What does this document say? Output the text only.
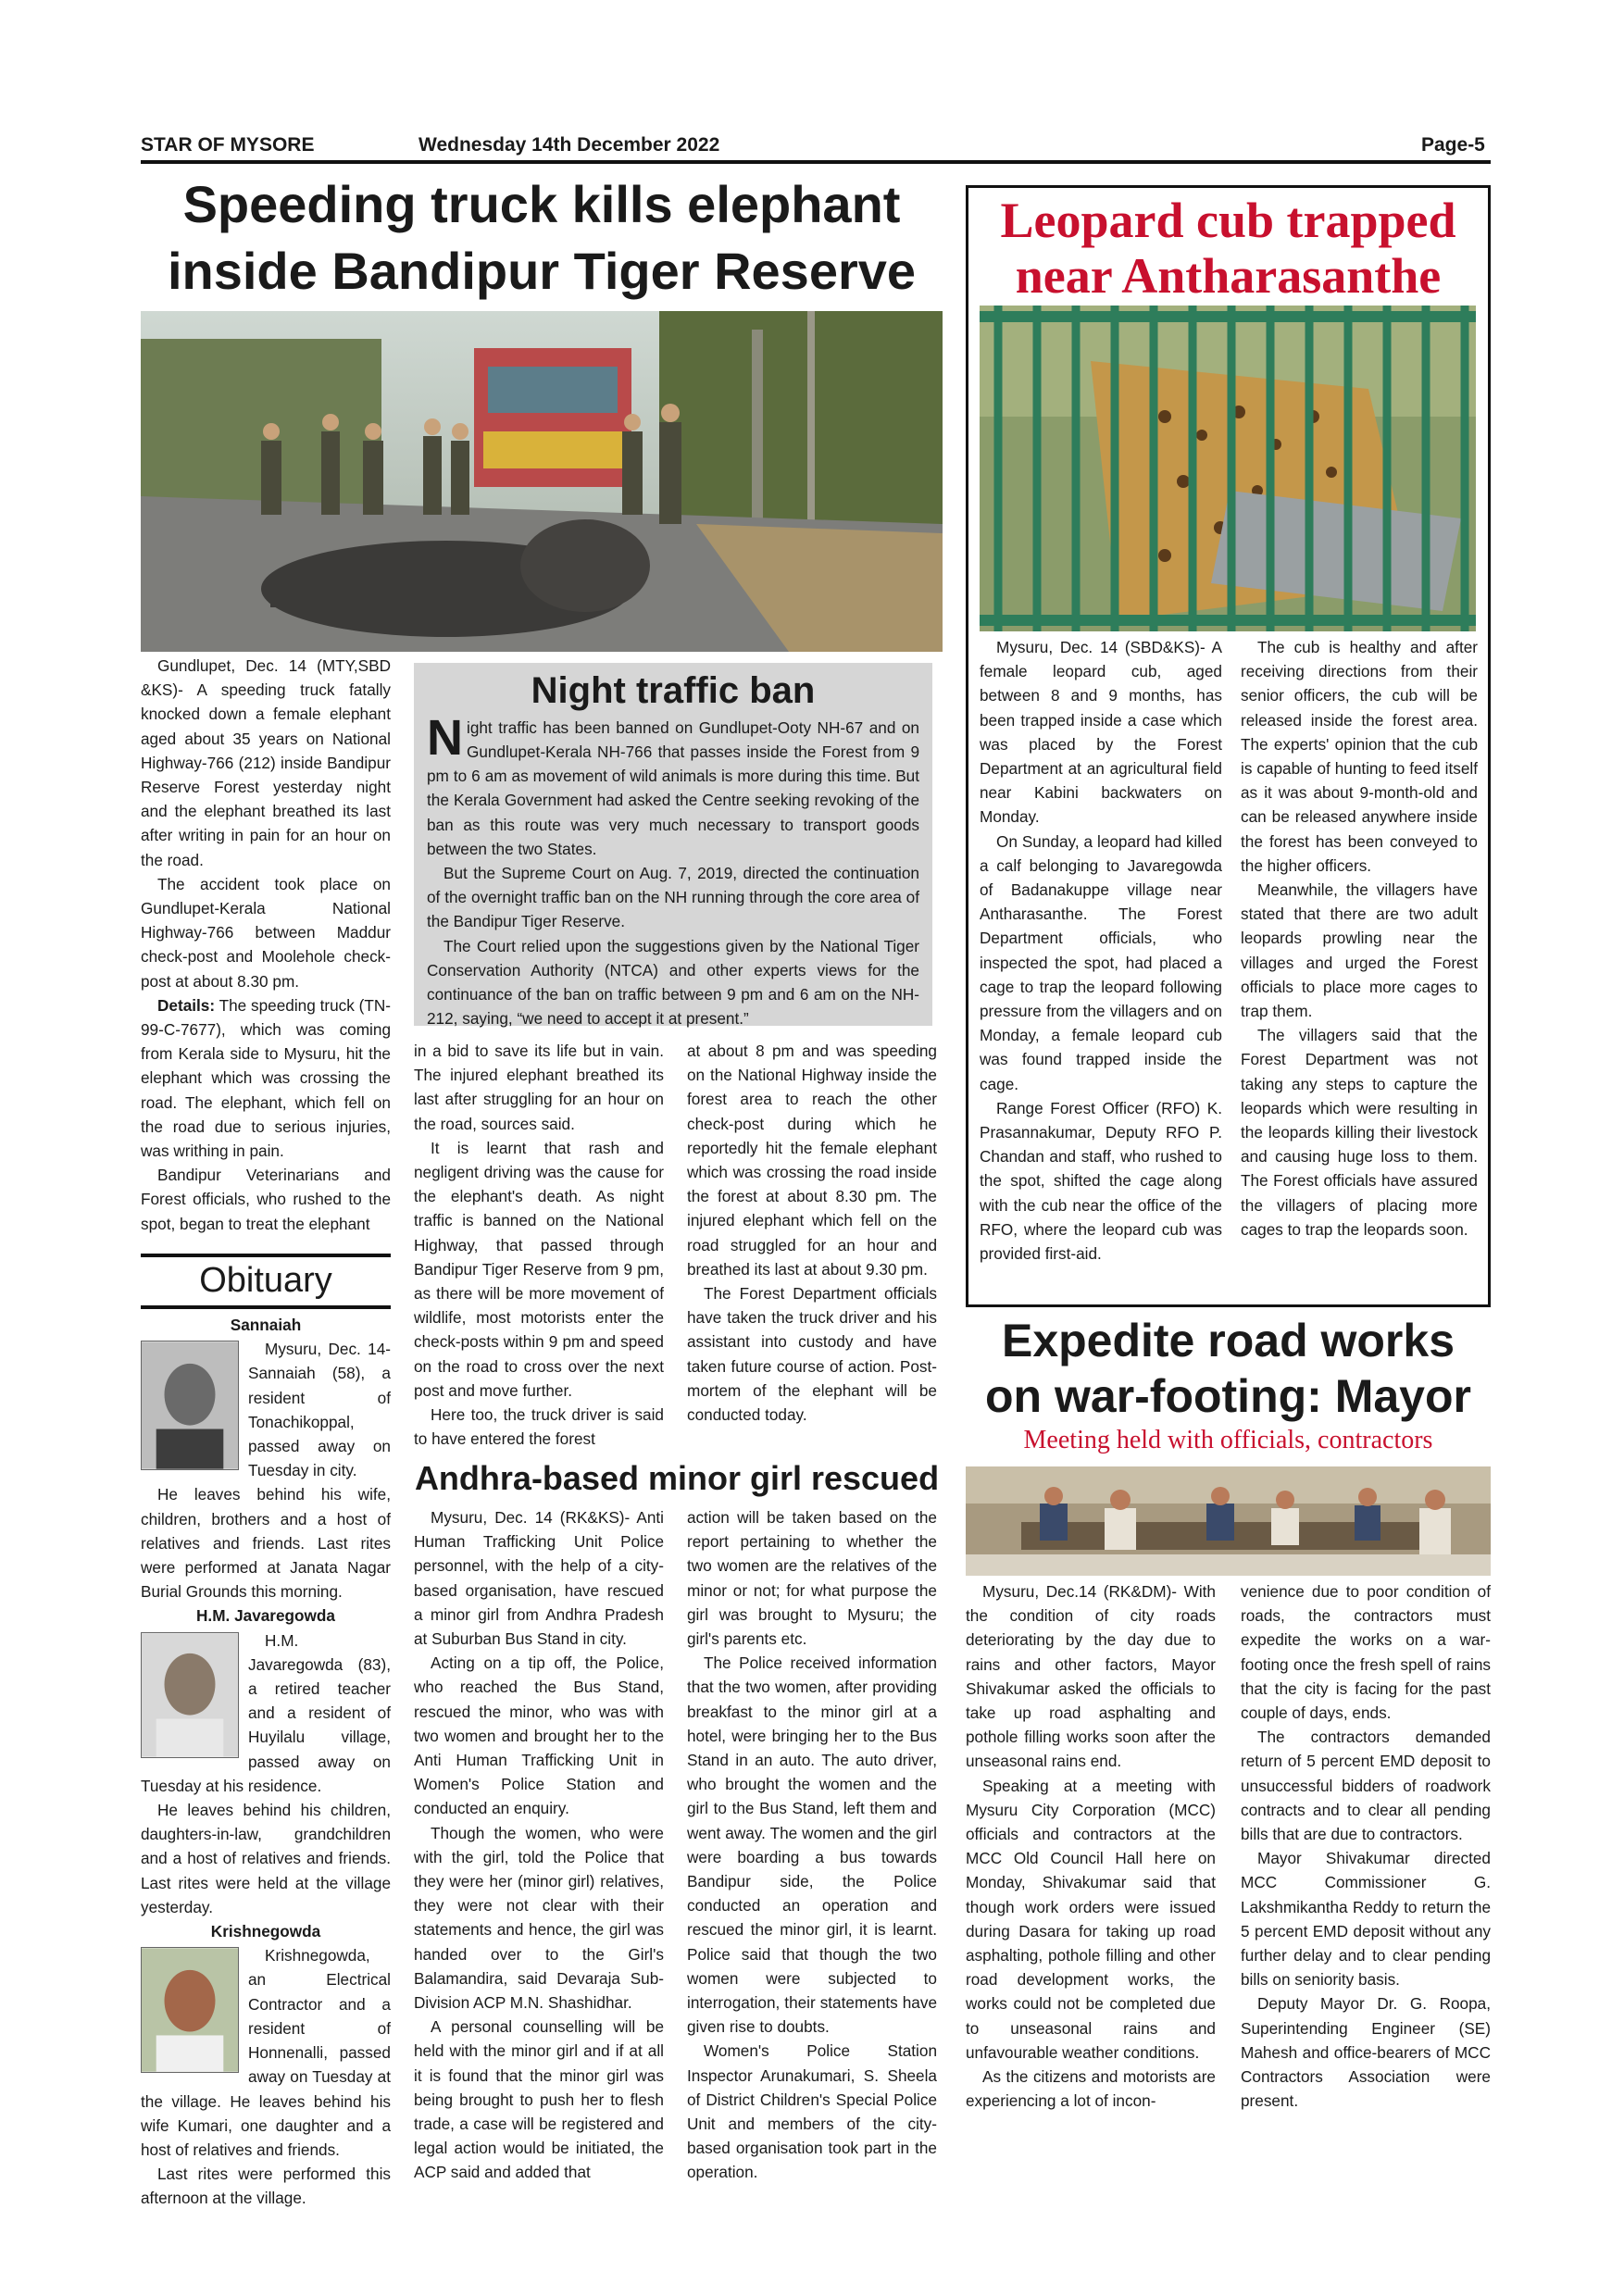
STAR OF MYSORE	Wednesday 14th December 2022	Page-5
Speeding truck kills elephant
inside Bandipur Tiger Reserve

Gundlupet, Dec. 14 (MTY,SBD &KS)- A speeding truck fatally knocked down a female elephant aged about 35 years on National Highway-766 (212) inside Bandipur Reserve Forest yesterday night and the elephant breathed its last after writing in pain for an hour on the road.

The accident took place on Gundlupet-Kerala National Highway-766 between Maddur check-post and Moolehole check-post at about 8.30 pm.

Details: The speeding truck (TN-99-C-7677), which was coming from Kerala side to Mysuru, hit the elephant which was crossing the road. The elephant, which fell on the road due to serious injuries, was writhing in pain.

Bandipur Veterinarians and Forest officials, who rushed to the spot, began to treat the elephant

Night traffic ban

Night traffic has been banned on Gundlupet-Ooty NH-67 and on Gundlupet-Kerala NH-766 that passes inside the Forest from 9 pm to 6 am as movement of wild animals is more during this time. But the Kerala Government had asked the Centre seeking revoking of the ban as this route was very much necessary to transport goods between the two States.

But the Supreme Court on Aug. 7, 2019, directed the continuation of the overnight traffic ban on the NH running through the core area of the Bandipur Tiger Reserve.

The Court relied upon the suggestions given by the National Tiger Conservation Authority (NTCA) and other experts views for the continuance of the ban on traffic between 9 pm and 6 am on the NH-212, saying, “we need to accept it at present.”

in a bid to save its life but in vain. The injured elephant breathed its last after struggling for an hour on the road, sources said.

It is learnt that rash and negligent driving was the cause for the elephant's death. As night traffic is banned on the National Highway, that passed through Bandipur Tiger Reserve from 9 pm, as there will be more movement of wildlife, most motorists enter the check-posts within 9 pm and speed on the road to cross over the next post and move further.

Here too, the truck driver is said to have entered the forest

at about 8 pm and was speeding on the National Highway inside the forest area to reach the other check-post during which he reportedly hit the female elephant which was crossing the road inside the forest at about 8.30 pm. The injured elephant which fell on the road struggled for an hour and breathed its last at about 9.30 pm.

The Forest Department officials have taken the truck driver and his assistant into custody and have taken future course of action. Post-mortem of the elephant will be conducted today.

Obituary
Sannaiah

Mysuru, Dec. 14- Sannaiah (58), a resident of Tonachikoppal, passed away on Tuesday in city.

He leaves behind his wife, children, brothers and a host of relatives and friends. Last rites were performed at Janata Nagar Burial Grounds this morning.

H.M. Javaregowda

H.M. Javaregowda (83), a retired teacher and a resident of Huyilalu village, passed away on Tuesday at his residence.

He leaves behind his children, daughters-in-law, grandchildren and a host of relatives and friends. Last rites were held at the village yesterday.

Krishnegowda

Krishnegowda, an Electrical Contractor and a resident of Honnenalli, passed away on Tuesday at the village. He leaves behind his wife Kumari, one daughter and a host of relatives and friends.

Last rites were performed this afternoon at the village.

Andhra-based minor girl rescued

Mysuru, Dec. 14 (RK&KS)- Anti Human Trafficking Unit Police personnel, with the help of a city-based organisation, have rescued a minor girl from Andhra Pradesh at Suburban Bus Stand in city.

Acting on a tip off, the Police, who reached the Bus Stand, rescued the minor, who was with two women and brought her to the Anti Human Trafficking Unit in Women's Police Station and conducted an enquiry.

Though the women, who were with the girl, told the Police that they were her (minor girl) relatives, they were not clear with their statements and hence, the girl was handed over to the Girl's Balamandira, said Devaraja Sub-Division ACP M.N. Shashidhar.

A personal counselling will be held with the minor girl and if at all it is found that the minor girl was being brought to push her to flesh trade, a case will be registered and legal action would be initiated, the ACP said and added that

action will be taken based on the report pertaining to whether the two women are the relatives of the minor or not; for what purpose the girl was brought to Mysuru; the girl's parents etc.

The Police received information that the two women, after providing breakfast to the minor girl at a hotel, were bringing her to the Bus Stand in an auto. The auto driver, who brought the women and the girl to the Bus Stand, left them and went away. The women and the girl were boarding a bus towards Bandipur side, the Police conducted an operation and rescued the minor girl, it is learnt. Police said that though the two women were subjected to interrogation, their statements have given rise to doubts.

Women's Police Station Inspector Arunakumari, S. Sheela of District Children's Special Police Unit and members of the city-based organisation took part in the operation.

Leopard cub trapped
near Antharasanthe

Mysuru, Dec. 14 (SBD&KS)- A female leopard cub, aged between 8 and 9 months, has been trapped inside a case which was placed by the Forest Department at an agricultural field near Kabini backwaters on Monday.

On Sunday, a leopard had killed a calf belonging to Javaregowda of Badanakuppe village near Antharasanthe. The Forest Department officials, who inspected the spot, had placed a cage to trap the leopard following pressure from the villagers and on Monday, a female leopard cub was found trapped inside the cage.

Range Forest Officer (RFO) K. Prasannakumar, Deputy RFO P. Chandan and staff, who rushed to the spot, shifted the cage along with the cub near the office of the RFO, where the leopard cub was provided first-aid.

The cub is healthy and after receiving directions from their senior officers, the cub will be released inside the forest area. The experts' opinion that the cub is capable of hunting to feed itself as it was about 9-month-old and can be released anywhere inside the forest has been conveyed to the higher officers.

Meanwhile, the villagers have stated that there are two adult leopards prowling near the villages and urged the Forest officials to place more cages to trap them.

The villagers said that the Forest Department was not taking any steps to capture the leopards which were resulting in the leopards killing their livestock and causing huge loss to them. The Forest officials have assured the villagers of placing more cages to trap the leopards soon.

Expedite road works
on war-footing: Mayor
Meeting held with officials, contractors

Mysuru, Dec.14 (RK&DM)- With the condition of city roads deteriorating by the day due to rains and other factors, Mayor Shivakumar asked the officials to take up road asphalting and pothole filling works soon after the unseasonal rains end.

Speaking at a meeting with Mysuru City Corporation (MCC) officials and contractors at the MCC Old Council Hall here on Monday, Shivakumar said that though work orders were issued during Dasara for taking up road asphalting, pothole filling and other road development works, the works could not be completed due to unseasonal rains and unfavourable weather conditions.

As the citizens and motorists are experiencing a lot of incon-

venience due to poor condition of roads, the contractors must expedite the works on a war-footing once the fresh spell of rains that the city is facing for the past couple of days, ends.

The contractors demanded return of 5 percent EMD deposit to unsuccessful bidders of roadwork contracts and to clear all pending bills that are due to contractors.

Mayor Shivakumar directed MCC Commissioner G. Lakshmikantha Reddy to return the 5 percent EMD deposit without any further delay and to clear pending bills on seniority basis.

Deputy Mayor Dr. G. Roopa, Superintending Engineer (SE) Mahesh and office-bearers of MCC Contractors Association were present.
